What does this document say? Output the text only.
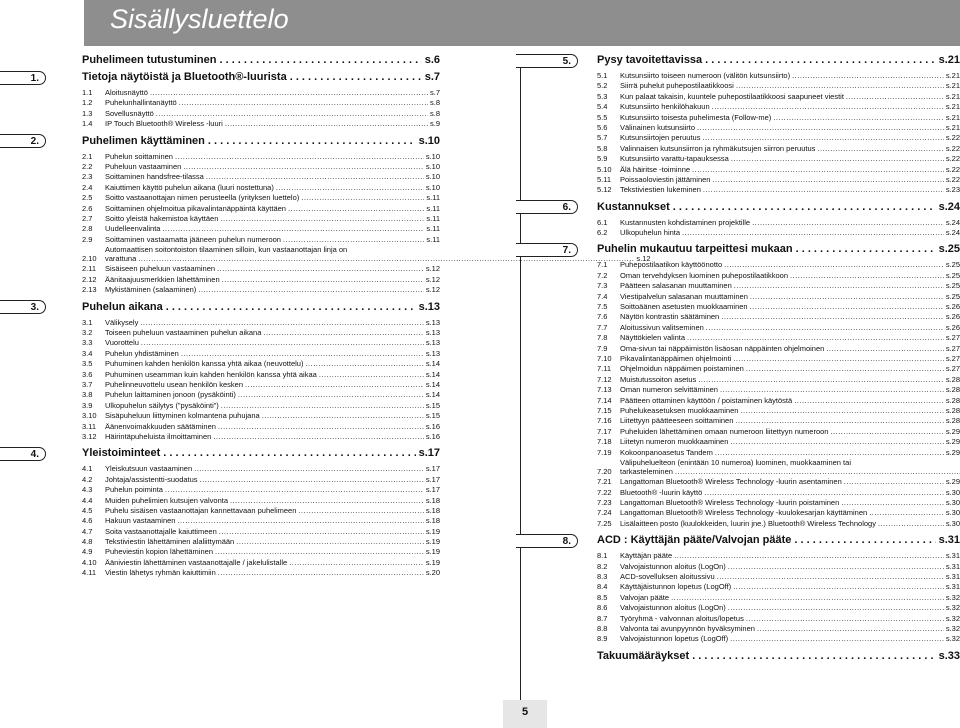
Sisällysluettelo
Puhelimeen tutustuminen . . .	s.6
Tietoja näytöistä ja Bluetooth®-luurista . . .	s.7
1.1	Aloitusnäyttö .....	s.7
1.2	Puhelunhallintanäyttö .....	s.8
1.3	Sovellusnäyttö .....	s.8
1.4	IP Touch Bluetooth® Wireless -luuri .....	s.9
Puhelimen käyttäminen . . .	s.10
2.1	Puhelun soittaminen .....	s.10
2.2	Puheluun vastaaminen .....	s.10
2.3	Soittaminen handsfree-tilassa .....	s.10
2.4	Kaiuttimen käyttö puhelun aikana (luuri nostettuna) .....	s.10
2.5	Soitto vastaanottajan nimen perusteella (yrityksen luettelo) .....	s.11
2.6	Soittaminen ohjelmoitua pikavalintanäppäintä käyttäen .....	s.11
2.7	Soitto yleistä hakemistoa käyttäen .....	s.11
2.8	Uudelleenvalinta .....	s.11
2.9	Soittaminen vastaamatta jääneen puhelun numeroon .....	s.11
2.10
Automaattisen soitontoiston tilaaminen silloin, kun vastaanottajan linja on
varattuna .....	s.12
2.11	Sisäiseen puheluun vastaaminen .....	s.12
2.12	Äänitaajuusmerkkien lähettäminen .....	s.12
2.13	Mykistäminen (salaaminen) .....	s.12
Puhelun aikana . . .	s.13
3.1	Välikysely .....	s.13
3.2	Toiseen puheluun vastaaminen puhelun aikana .....	s.13
3.3	Vuorottelu .....	s.13
3.4	Puhelun yhdistäminen .....	s.13
3.5	Puhuminen kahden henkilön kanssa yhtä aikaa (neuvottelu) .....	s.14
3.6	Puhuminen useamman kuin kahden henkilön kanssa yhtä aikaa .....	s.14
3.7	Puhelinneuvottelu usean henkilön kesken .....	s.14
3.8	Puhelun laittaminen jonoon (pysäköinti) .....	s.14
3.9	Ulkopuhelun säilytys (”pysäköinti”) .....	s.15
3.10	Sisäpuheluun liittyminen kolmantena puhujana .....	s.15
3.11	Äänenvoimakkuuden säätäminen .....	s.16
3.12	Häirintäpuheluista ilmoittaminen .....	s.16
Yleistoiminteet . . .	s.17
4.1	Yleiskutsuun vastaaminen .....	s.17
4.2	Johtaja/assistentti-suodatus .....	s.17
4.3	Puhelun poiminta .....	s.17
4.4	Muiden puhelimien kutsujen valvonta .....	s.18
4.5	Puhelu sisäisen vastaanottajan kannettavaan puhelimeen .....	s.18
4.6	Hakuun vastaaminen .....	s.18
4.7	Soita vastaanottajalle kaiuttimeen .....	s.19
4.8	Tekstiviestin lähettäminen alaliittymään .....	s.19
4.9	Puheviestin kopion lähettäminen .....	s.19
4.10	Ääniviestin lähettäminen vastaanottajalle / jakelulistalle .....	s.19
4.11	Viestin lähetys ryhmän kaiuttimiin .....	s.20
Pysy tavoitettavissa . . .	s.21
5.1	Kutsunsiirto toiseen numeroon (välitön kutsunsiirto) .....	s.21
5.2	Siirrä puhelut puhepostilaatikkoosi .....	s.21
5.3	Kun palaat takaisin, kuuntele puhepostilaatikkoosi saapuneet viestit .....	s.21
5.4	Kutsunsiirto henkilöhakuun .....	s.21
5.5	Kutsunsiirto toisesta puhelimesta (Follow-me) .....	s.21
5.6	Välinainen kutsunsiirto .....	s.21
5.7	Kutsunsiirtojen peruutus .....	s.22
5.8	Valinnaisen kutsunsiirron ja ryhmäkutsujen siirron peruutus .....	s.22
5.9	Kutsunsiirto varattu-tapauksessa .....	s.22
5.10	Älä häiritse -toiminne .....	s.22
5.11	Poissaoloviestin jättäminen .....	s.22
5.12	Tekstiviestien lukeminen .....	s.23
Kustannukset . . .	s.24
6.1	Kustannusten kohdistaminen projektille .....	s.24
6.2	Ulkopuhelun hinta .....	s.24
Puhelin mukautuu tarpeittesi mukaan . . .	s.25
7.1	Puhepostilaatikon käyttöönotto .....	s.25
7.2	Oman tervehdyksen luominen puhepostilaatikkoon .....	s.25
7.3	Päätteen salasanan muuttaminen .....	s.25
7.4	Viestipalvelun salasanan muuttaminen .....	s.25
7.5	Soittoäänen asetusten muokkaaminen .....	s.26
7.6	Näytön kontrastin säätäminen .....	s.26
7.7	Aloitussivun valitseminen .....	s.26
7.8	Näyttökielen valinta .....	s.27
7.9	Oma-sivun tai näppäimistön lisäosan näppäinten ohjelmoinen .....	s.27
7.10	Pikavalintanäppäimen ohjelmointi .....	s.27
7.11	Ohjelmoidun näppäimen poistaminen .....	s.27
7.12	Muistutussoiton asetus .....	s.28
7.13	Oman numeron selvittäminen .....	s.28
7.14	Päätteen ottaminen käyttöön / poistaminen käytöstä .....	s.28
7.15	Puhelukeasetuksen muokkaaminen .....	s.28
7.16	Liitettyyn päätteeseen soittaminen .....	s.28
7.17	Puheluiden lähettäminen omaan numeroon liitettyyn numeroon .....	s.29
7.18	Liitetyn numeron muokkaaminen .....	s.29
7.19	Kokoonpanoasetus Tandem .....	s.29
7.20
Välipuheluelteon (enintään 10 numeroa) luominen, muokkaaminen tai
tarkasteleminen
.....
7.21	Langattoman Bluetooth® Wireless Technology -luurin asentaminen .....	s.29
7.22	Bluetooth® -luurin käyttö .....	s.30
7.23	Langattoman Bluetooth® Wireless Technology -luurin poistaminen .....	s.30
7.24	Langattoman Bluetooth® Wireless Technology -kuulokesarjan käyttäminen .....	s.30
7.25	Lisälaitteen posto (kuulokkeiden, luurin jne.) Bluetooth® Wireless Technology .....	s.30
ACD : Käyttäjän pääte/Valvojan pääte . . .	s.31
8.1	Käyttäjän pääte .....	s.31
8.2	Valvojaistunnon aloitus (LogOn) .....	s.31
8.3	ACD-sovelluksen aloitussivu .....	s.31
8.4	Käyttäjäistunnon lopetus (LogOff) .....	s.31
8.5	Valvojan pääte .....	s.32
8.6	Valvojaistunnon aloitus (LogOn) .....	s.32
8.7	Työryhmä - valvonnan aloitus/lopetus .....	s.32
8.8	Valvonta tai avunpyynnön hyväksyminen .....	s.32
8.9	Valvojaistunnon lopetus (LogOff) .....	s.32
Takuumääräykset . . .	s.33
1.
2.
3.
4.
5.
6.
7.
8.
5
